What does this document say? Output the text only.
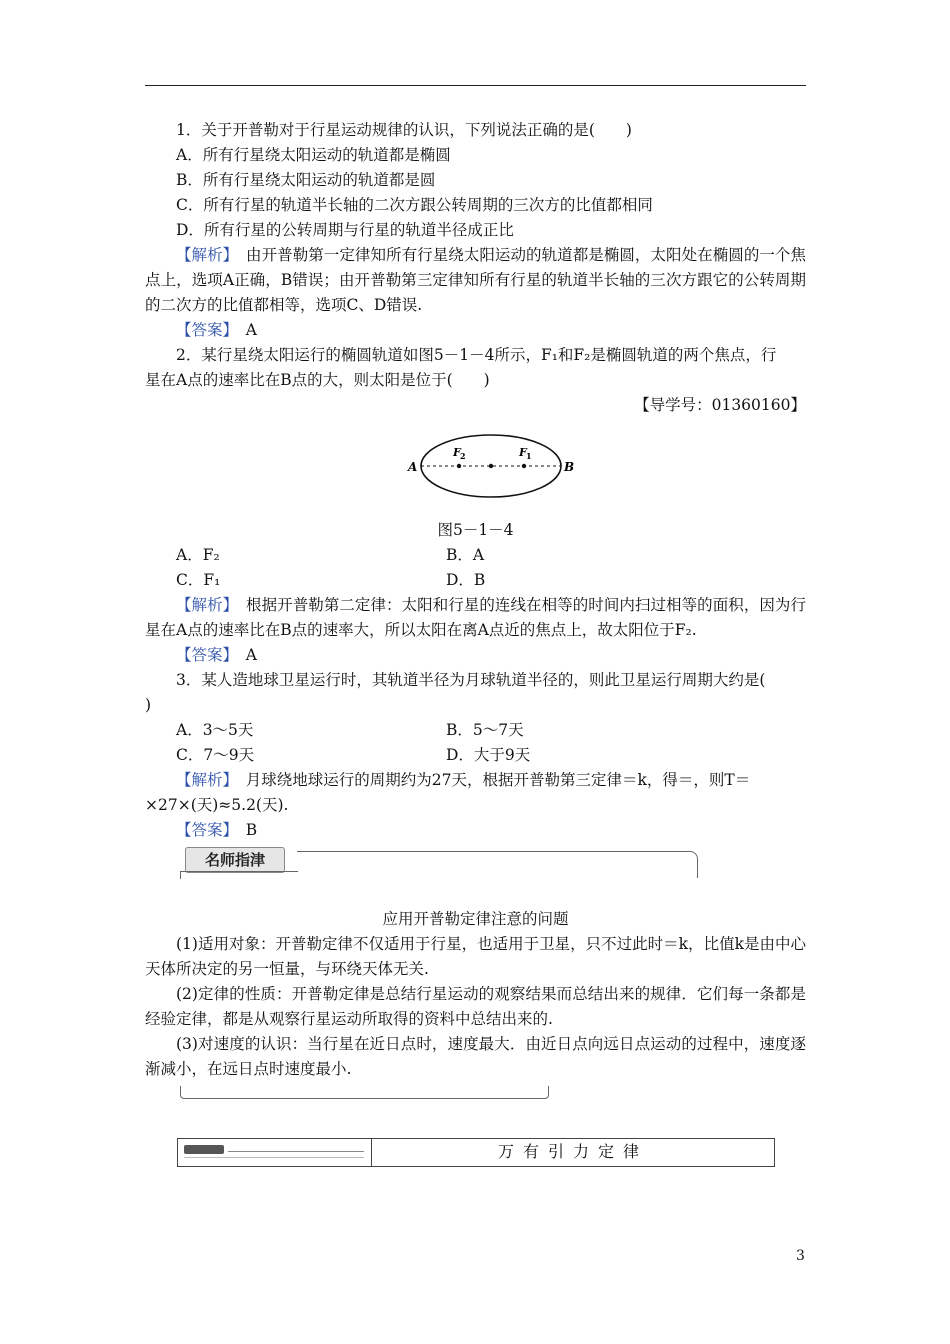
1．关于开普勒对于行星运动规律的认识，下列说法正确的是(　　)
A．所有行星绕太阳运动的轨道都是椭圆
B．所有行星绕太阳运动的轨道都是圆
C．所有行星的轨道半长轴的二次方跟公转周期的三次方的比值都相同
D．所有行星的公转周期与行星的轨道半径成正比
【解析】　由开普勒第一定律知所有行星绕太阳运动的轨道都是椭圆，太阳处在椭圆的一个焦点上，选项A正确，B错误；由开普勒第三定律知所有行星的轨道半长轴的三次方跟它的公转周期的二次方的比值都相等，选项C、D错误.
【答案】　A
2．某行星绕太阳运行的椭圆轨道如图5－1－4所示，F₁和F₂是椭圆轨道的两个焦点，行
星在A点的速率比在B点的大，则太阳是位于(　　)
【导学号：01360160】
A	B
F 2	F 1
图5－1－4
A．F₂	B．A
C．F₁	D．B
【解析】　根据开普勒第二定律：太阳和行星的连线在相等的时间内扫过相等的面积，因为行星在A点的速率比在B点的速率大，所以太阳在离A点近的焦点上，故太阳位于F₂.
【答案】　A
3．某人造地球卫星运行时，其轨道半径为月球轨道半径的，则此卫星运行周期大约是(
)
A．3～5天	B．5～7天
C．7～9天	D．大于9天
【解析】　月球绕地球运行的周期约为27天，根据开普勒第三定律＝k，得＝，则T＝
×27×(天)≈5.2(天).
【答案】　B
名师指津
应用开普勒定律注意的问题
(1)适用对象：开普勒定律不仅适用于行星，也适用于卫星，只不过此时＝k，比值k是由中心天体所决定的另一恒量，与环绕天体无关.
(2)定律的性质：开普勒定律是总结行星运动的观察结果而总结出来的规律．它们每一条都是经验定律，都是从观察行星运动所取得的资料中总结出来的.
(3)对速度的认识：当行星在近日点时，速度最大．由近日点向远日点运动的过程中，速度逐渐减小，在远日点时速度最小.
万有引力定律
3
